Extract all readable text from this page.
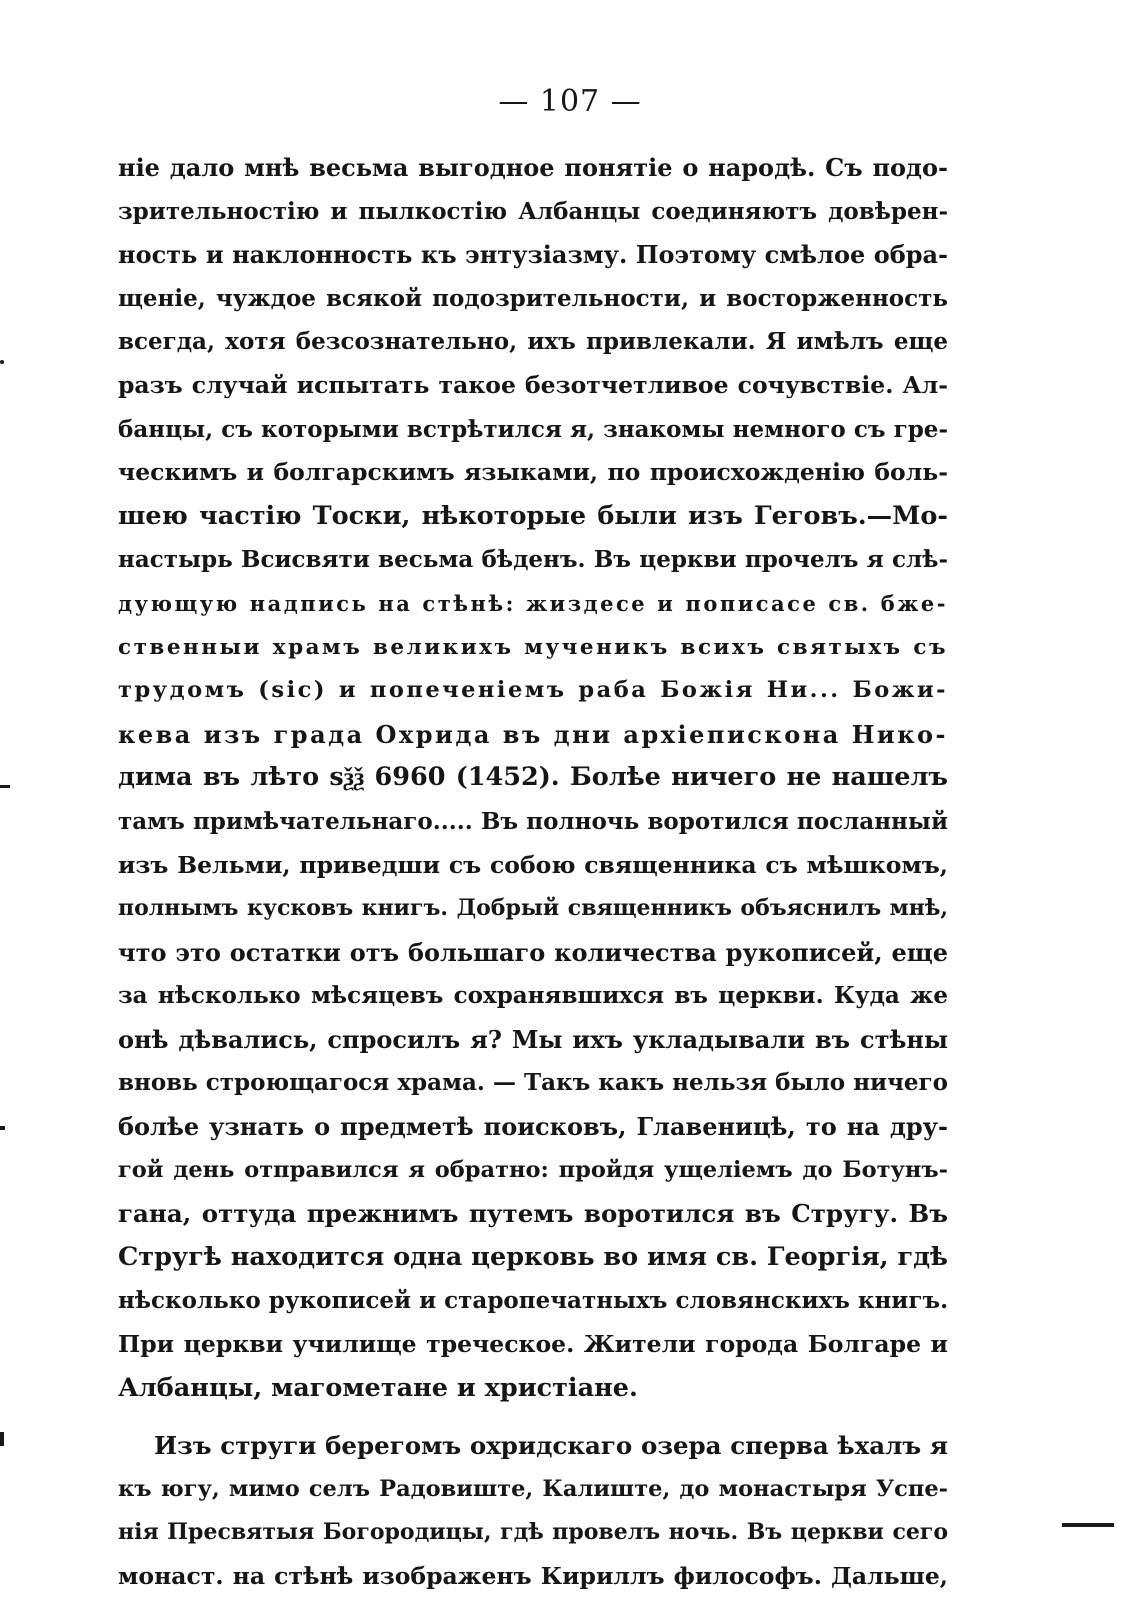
— 107 —
ніе дало мнѣ весьма выгодное понятіе о народѣ. Съ подо-
зрительностію и пылкостію Албанцы соединяютъ довѣрен-
ность и наклонность къ энтузіазму. Поэтому смѣлое обра-
щеніе, чуждое всякой подозрительности, и восторженность
всегда, хотя безсознательно, ихъ привлекали. Я имѣлъ еще
разъ случай испытать такое безотчетливое сочувствіе. Ал-
банцы, съ которыми встрѣтился я, знакомы немного съ гре-
ческимъ и болгарскимъ языками, по происхожденію боль-
шею частію Тоски, нѣкоторые были изъ Геговъ.—Мо-
настырь Всисвяти весьма бѣденъ. Въ церкви прочелъ я слѣ-
дующую надпись на стѣнѣ: жиздесе и пописасе св. бже-
ственныи храмъ великихъ мученикъ всихъ святыхъ съ
трудомъ (sic) и попеченіемъ раба Божія Ни... Божи-
кева изъ града Охрида въ дни архіеписконa Нико-
дима въ лѣто ѕѯѯ 6960 (1452). Болѣе ничего не нашелъ
тамъ примѣчательнаго..... Въ полночь воротился посланный
изъ Вельми, приведши съ собою священника съ мѣшкомъ,
полнымъ кусковъ книгъ. Добрый священникъ объяснилъ мнѣ,
что это остатки отъ большаго количества рукописей, еще
за нѣсколько мѣсяцевъ сохранявшихся въ церкви. Куда же
онѣ дѣвались, спросилъ я? Мы ихъ укладывали въ стѣны
вновь строющагося храма. — Такъ какъ нельзя было ничего
болѣе узнать о предметѣ поисковъ, Главеницѣ, то на дру-
гой день отправился я обратно: пройдя ущеліемъ до Ботунъ-
гана, оттуда прежнимъ путемъ воротился въ Стругу. Въ
Стругѣ находится одна церковь во имя св. Георгія, гдѣ
нѣсколько рукописей и старопечатныхъ словянскихъ книгъ.
При церкви училище треческое. Жители города Болгаре и
Албанцы, магометане и христіане.
Изъ струги берегомъ охридскаго озера сперва ѣхалъ я
къ югу, мимо селъ Радовиште, Калиште, до монастыря Успе-
нія Пресвятыя Богородицы, гдѣ провелъ ночь. Въ церкви сего
монаст. на стѣнѣ изображенъ Кириллъ философъ. Дальше,
